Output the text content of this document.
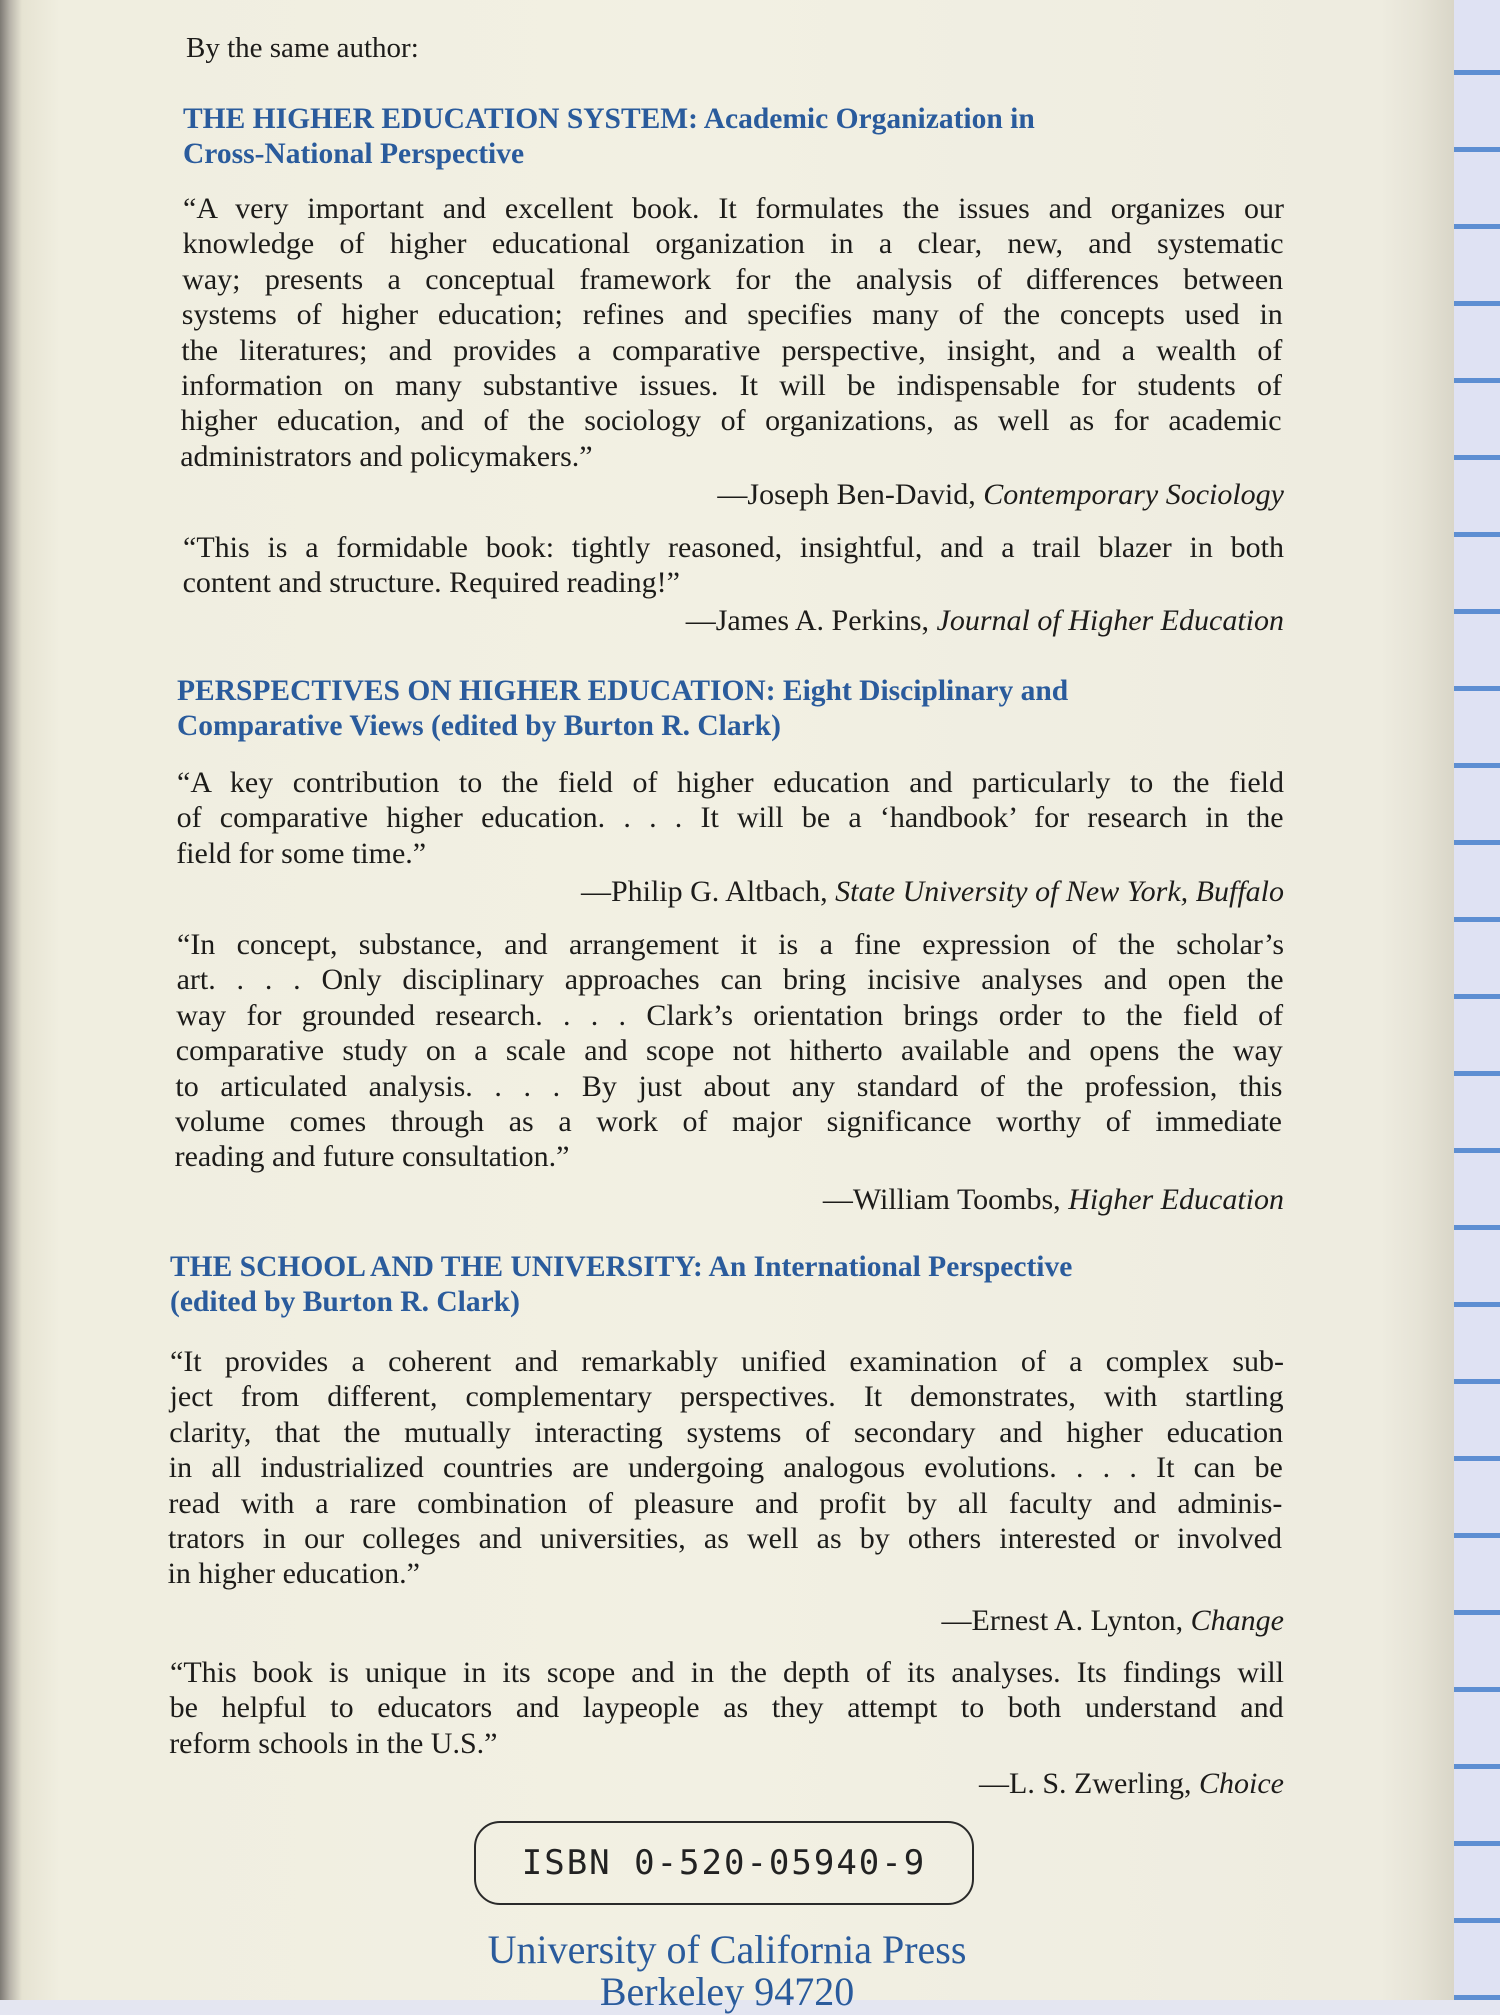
By the same author:
THE HIGHER EDUCATION SYSTEM: Academic Organization in
Cross-National Perspective
“A very important and excellent book. It formulates the issues and organizes our
knowledge of higher educational organization in a clear, new, and systematic
way; presents a conceptual framework for the analysis of differences between
systems of higher education; refines and specifies many of the concepts used in
the literatures; and provides a comparative perspective, insight, and a wealth of
information on many substantive issues. It will be indispensable for students of
higher education, and of the sociology of organizations, as well as for academic
administrators and policymakers.”
—Joseph Ben-David, Contemporary Sociology
“This is a formidable book: tightly reasoned, insightful, and a trail blazer in both
content and structure. Required reading!”
—James A. Perkins, Journal of Higher Education
PERSPECTIVES ON HIGHER EDUCATION: Eight Disciplinary and
Comparative Views (edited by Burton R. Clark)
“A key contribution to the field of higher education and particularly to the field
of comparative higher education. . . . It will be a ‘handbook’ for research in the
field for some time.”
—Philip G. Altbach, State University of New York, Buffalo
“In concept, substance, and arrangement it is a fine expression of the scholar’s
art. . . . Only disciplinary approaches can bring incisive analyses and open the
way for grounded research. . . . Clark’s orientation brings order to the field of
comparative study on a scale and scope not hitherto available and opens the way
to articulated analysis. . . . By just about any standard of the profession, this
volume comes through as a work of major significance worthy of immediate
reading and future consultation.”
—William Toombs, Higher Education
THE SCHOOL AND THE UNIVERSITY: An International Perspective
(edited by Burton R. Clark)
“It provides a coherent and remarkably unified examination of a complex sub-
ject from different, complementary perspectives. It demonstrates, with startling
clarity, that the mutually interacting systems of secondary and higher education
in all industrialized countries are undergoing analogous evolutions. . . . It can be
read with a rare combination of pleasure and profit by all faculty and adminis-
trators in our colleges and universities, as well as by others interested or involved
in higher education.”
—Ernest A. Lynton, Change
“This book is unique in its scope and in the depth of its analyses. Its findings will
be helpful to educators and laypeople as they attempt to both understand and
reform schools in the U.S.”
—L. S. Zwerling, Choice
ISBN 0-520-05940-9
University of California Press
Berkeley 94720
